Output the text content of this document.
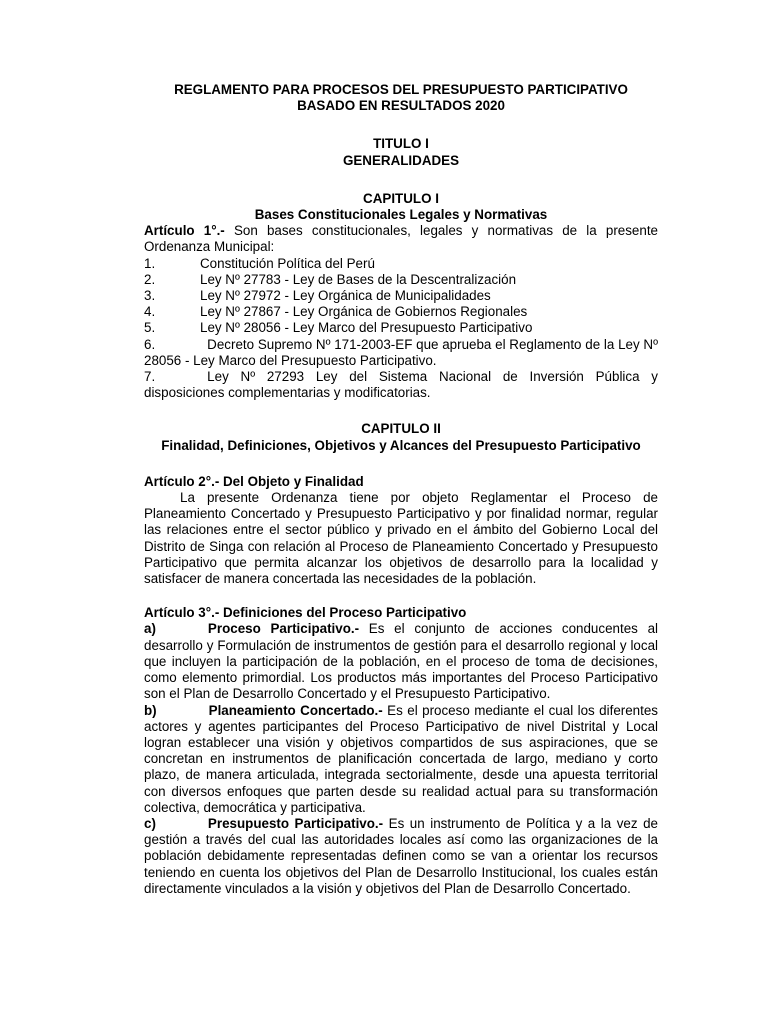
REGLAMENTO PARA PROCESOS DEL PRESUPUESTO PARTICIPATIVO
BASADO EN RESULTADOS 2020
TITULO I
GENERALIDADES
CAPITULO I
Bases Constitucionales Legales y Normativas

Artículo 1°.- Son bases constitucionales, legales y normativas de la presente Ordenanza Municipal:

1.	Constitución Política del Perú
2.	Ley Nº 27783 - Ley de Bases de la Descentralización
3.	Ley Nº 27972 - Ley Orgánica de Municipalidades
4.	Ley Nº 27867 - Ley Orgánica de Gobiernos Regionales
5.	Ley Nº 28056 - Ley Marco del Presupuesto Participativo

6.	Decreto Supremo Nº 171-2003-EF que aprueba el Reglamento de la Ley Nº 28056 - Ley Marco del Presupuesto Participativo.

7.	Ley Nº 27293 Ley del Sistema Nacional de Inversión Pública y disposiciones complementarias y modificatorias.

CAPITULO II
Finalidad, Definiciones, Objetivos y Alcances del Presupuesto Participativo
Artículo 2°.- Del Objeto y Finalidad

La presente Ordenanza tiene por objeto Reglamentar el Proceso de Planeamiento Concertado y Presupuesto Participativo y por finalidad normar, regular las relaciones entre el sector público y privado en el ámbito del Gobierno Local del Distrito de Singa con relación al Proceso de Planeamiento Concertado y Presupuesto Participativo que permita alcanzar los objetivos de desarrollo para la localidad y satisfacer de manera concertada las necesidades de la población.

Artículo 3°.- Definiciones del Proceso Participativo

a)	Proceso Participativo.- Es el conjunto de acciones conducentes al desarrollo y Formulación de instrumentos de gestión para el desarrollo regional y local que incluyen la participación de la población, en el proceso de toma de decisiones, como elemento primordial. Los productos más importantes del Proceso Participativo son el Plan de Desarrollo Concertado y el Presupuesto Participativo.

b)	Planeamiento Concertado.- Es el proceso mediante el cual los diferentes actores y agentes participantes del Proceso Participativo de nivel Distrital y Local logran establecer una visión y objetivos compartidos de sus aspiraciones, que se concretan en instrumentos de planificación concertada de largo, mediano y corto plazo, de manera articulada, integrada sectorialmente, desde una apuesta territorial con diversos enfoques que parten desde su realidad actual para su transformación colectiva, democrática y participativa.

c)	Presupuesto Participativo.- Es un instrumento de Política y a la vez de gestión a través del cual las autoridades locales así como las organizaciones de la población debidamente representadas definen como se van a orientar los recursos teniendo en cuenta los objetivos del Plan de Desarrollo Institucional, los cuales están directamente vinculados a la visión y objetivos del Plan de Desarrollo Concertado.
